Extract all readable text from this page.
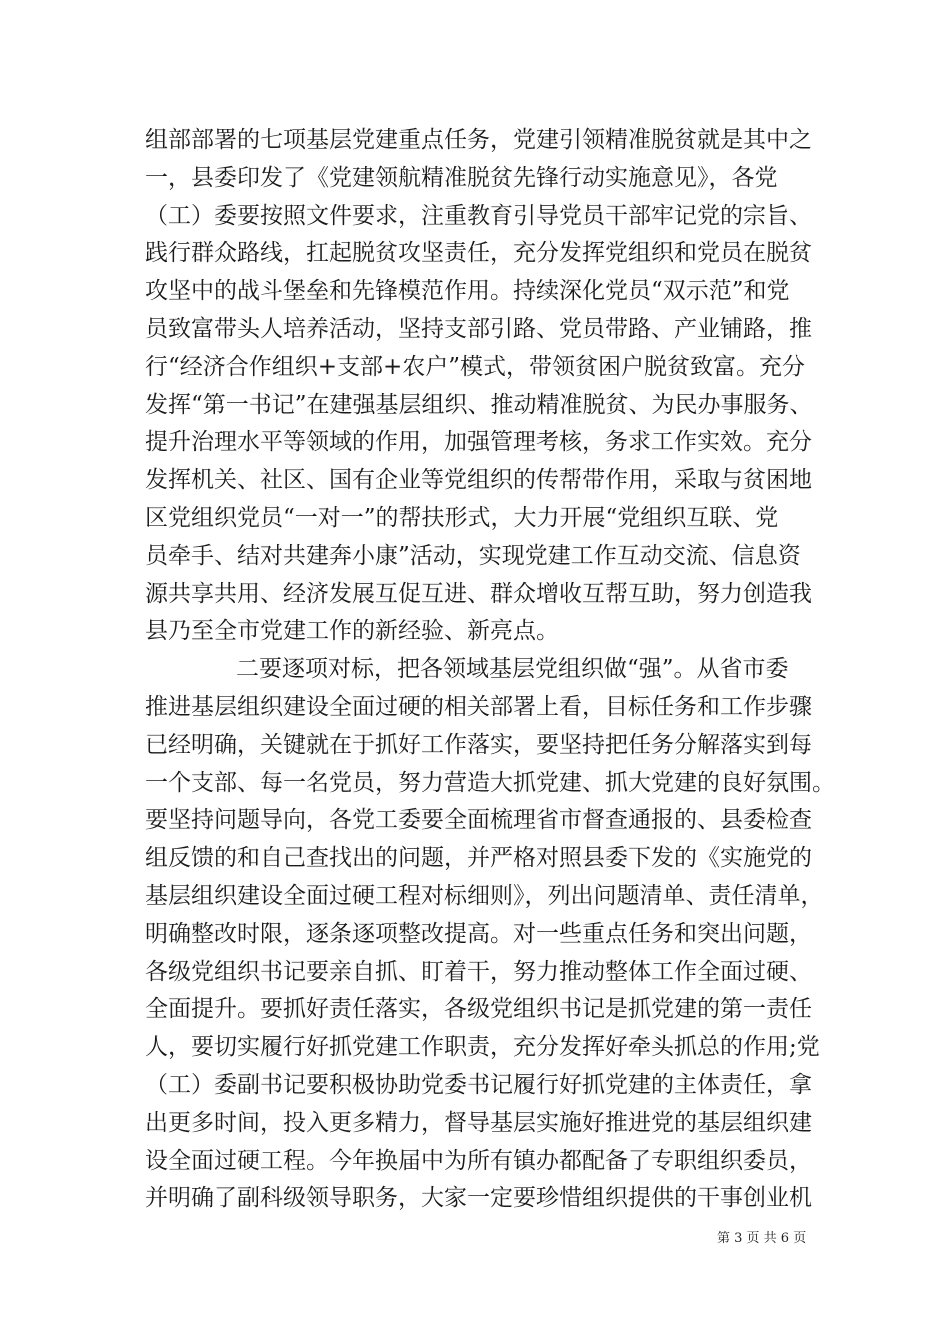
组部部署的七项基层党建重点任务，党建引领精准脱贫就是其中之
一，县委印发了《党建领航精准脱贫先锋行动实施意见》，各党
（工）委要按照文件要求，注重教育引导党员干部牢记党的宗旨、
践行群众路线，扛起脱贫攻坚责任，充分发挥党组织和党员在脱贫
攻坚中的战斗堡垒和先锋模范作用。持续深化党员“双示范”和党
员致富带头人培养活动，坚持支部引路、党员带路、产业铺路，推
行“经济合作组织+支部+农户”模式，带领贫困户脱贫致富。充分
发挥“第一书记”在建强基层组织、推动精准脱贫、为民办事服务、
提升治理水平等领域的作用，加强管理考核，务求工作实效。充分
发挥机关、社区、国有企业等党组织的传帮带作用，采取与贫困地
区党组织党员“一对一”的帮扶形式，大力开展“党组织互联、党
员牵手、结对共建奔小康”活动，实现党建工作互动交流、信息资
源共享共用、经济发展互促互进、群众增收互帮互助，努力创造我
县乃至全市党建工作的新经验、新亮点。
二要逐项对标，把各领域基层党组织做“强”。从省市委
推进基层组织建设全面过硬的相关部署上看，目标任务和工作步骤
已经明确，关键就在于抓好工作落实，要坚持把任务分解落实到每
一个支部、每一名党员，努力营造大抓党建、抓大党建的良好氛围。
要坚持问题导向，各党工委要全面梳理省市督查通报的、县委检查
组反馈的和自己查找出的问题，并严格对照县委下发的《实施党的
基层组织建设全面过硬工程对标细则》，列出问题清单、责任清单，
明确整改时限，逐条逐项整改提高。对一些重点任务和突出问题，
各级党组织书记要亲自抓、盯着干，努力推动整体工作全面过硬、
全面提升。要抓好责任落实，各级党组织书记是抓党建的第一责任
人，要切实履行好抓党建工作职责，充分发挥好牵头抓总的作用;党
（工）委副书记要积极协助党委书记履行好抓党建的主体责任，拿
出更多时间，投入更多精力，督导基层实施好推进党的基层组织建
设全面过硬工程。今年换届中为所有镇办都配备了专职组织委员，
并明确了副科级领导职务，大家一定要珍惜组织提供的干事创业机
第 3 页 共 6 页
